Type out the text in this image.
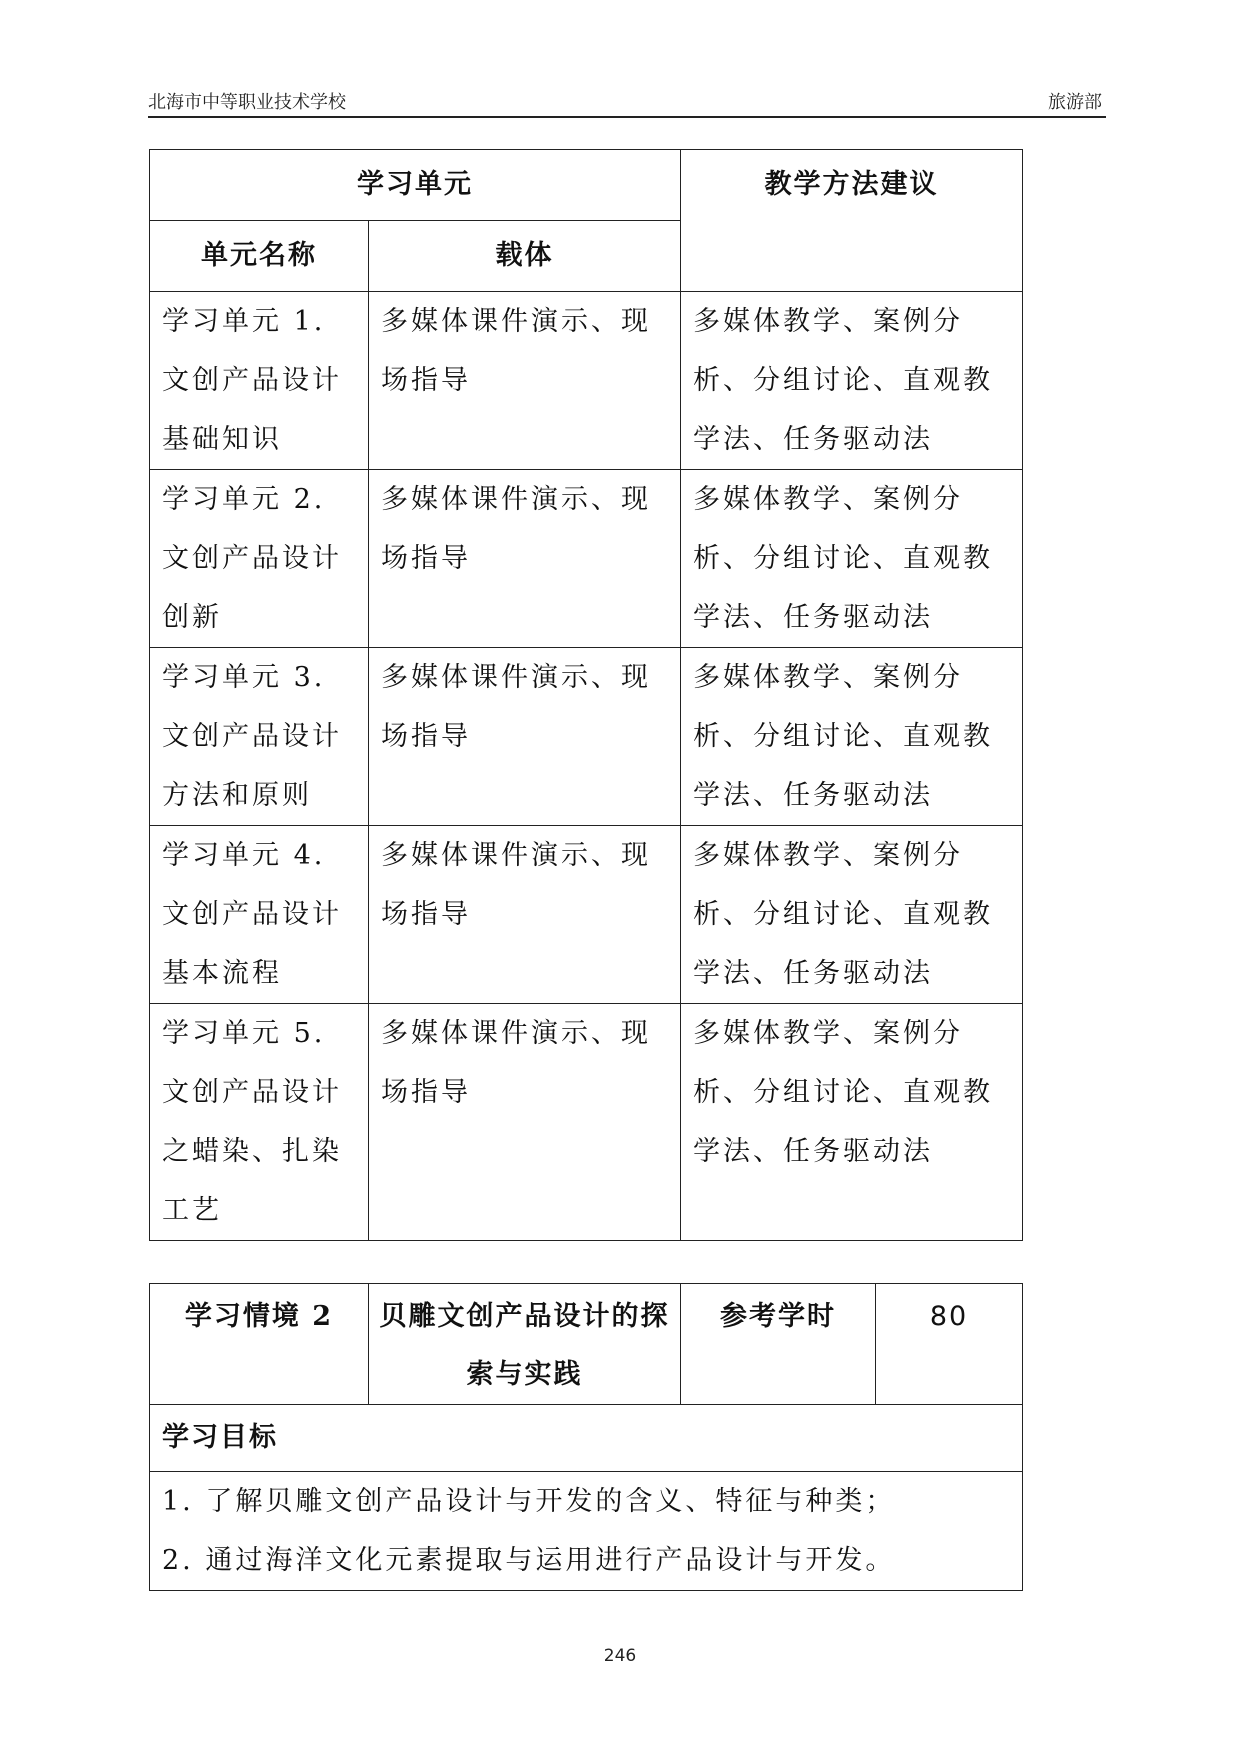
北海市中等职业技术学校	旅游部
学习单元		教学方法建议
单元名称	载体	
学习单元 1. 文创产品设计基础知识	多媒体课件演示、现场指导	多媒体教学、案例分析、分组讨论、直观教学法、任务驱动法
学习单元 2. 文创产品设计创新	多媒体课件演示、现场指导	多媒体教学、案例分析、分组讨论、直观教学法、任务驱动法
学习单元 3. 文创产品设计方法和原则	多媒体课件演示、现场指导	多媒体教学、案例分析、分组讨论、直观教学法、任务驱动法
学习单元 4. 文创产品设计基本流程	多媒体课件演示、现场指导	多媒体教学、案例分析、分组讨论、直观教学法、任务驱动法
学习单元 5. 文创产品设计之蜡染、扎染工艺	多媒体课件演示、现场指导	多媒体教学、案例分析、分组讨论、直观教学法、任务驱动法
学习情境 2	贝雕文创产品设计的探索与实践	参考学时	80
学习目标

1. 了解贝雕文创产品设计与开发的含义、特征与种类；
2. 通过海洋文化元素提取与运用进行产品设计与开发。
246
